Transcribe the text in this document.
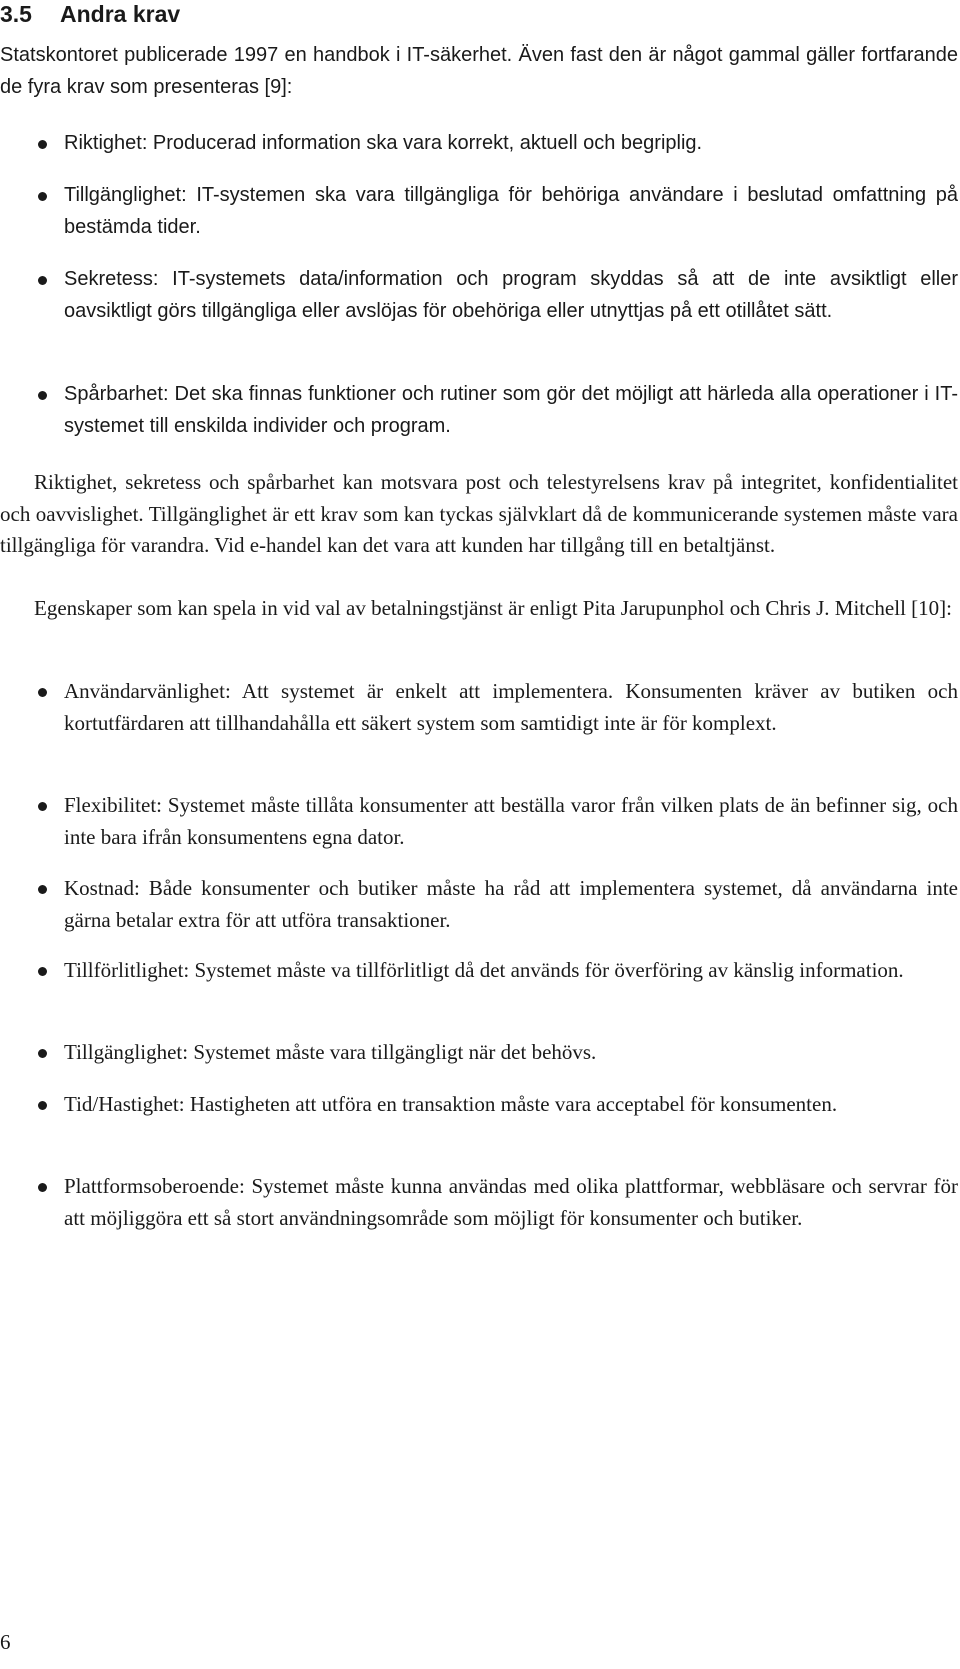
3.5 Andra krav

Statskontoret publicerade 1997 en handbok i IT-säkerhet. Även fast den är något gammal gäller fortfarande de fyra krav som presenteras [9]:

Riktighet: Producerad information ska vara korrekt, aktuell och begriplig.

Tillgänglighet: IT-systemen ska vara tillgängliga för behöriga användare i beslutad omfattning på bestämda tider.

Sekretess: IT-systemets data/information och program skyddas så att de inte avsiktligt eller oavsiktligt görs tillgängliga eller avslöjas för obehöriga eller utnyttjas på ett otillåtet sätt.

Spårbarhet: Det ska finnas funktioner och rutiner som gör det möjligt att härleda alla operationer i IT-systemet till enskilda individer och program.

Riktighet, sekretess och spårbarhet kan motsvara post och telestyrelsens krav på integritet, konfidentialitet och oavvislighet. Tillgänglighet är ett krav som kan tyckas självklart då de kommunicerande systemen måste vara tillgängliga för varandra. Vid e-handel kan det vara att kunden har tillgång till en betaltjänst.

Egenskaper som kan spela in vid val av betalningstjänst är enligt Pita Jarupunphol och Chris J. Mitchell [10]:

Användarvänlighet: Att systemet är enkelt att implementera. Konsumenten kräver av butiken och kortutfärdaren att tillhandahålla ett säkert system som samtidigt inte är för komplext.

Flexibilitet: Systemet måste tillåta konsumenter att beställa varor från vilken plats de än befinner sig, och inte bara ifrån konsumentens egna dator.

Kostnad: Både konsumenter och butiker måste ha råd att implementera systemet, då användarna inte gärna betalar extra för att utföra transaktioner.

Tillförlitlighet: Systemet måste va tillförlitligt då det används för överföring av känslig information.

Tillgänglighet: Systemet måste vara tillgängligt när det behövs.

Tid/Hastighet: Hastigheten att utföra en transaktion måste vara acceptabel för konsumenten.

Plattformsoberoende: Systemet måste kunna användas med olika plattformar, webbläsare och servrar för att möjliggöra ett så stort användningsområde som möjligt för konsumenter och butiker.

6
